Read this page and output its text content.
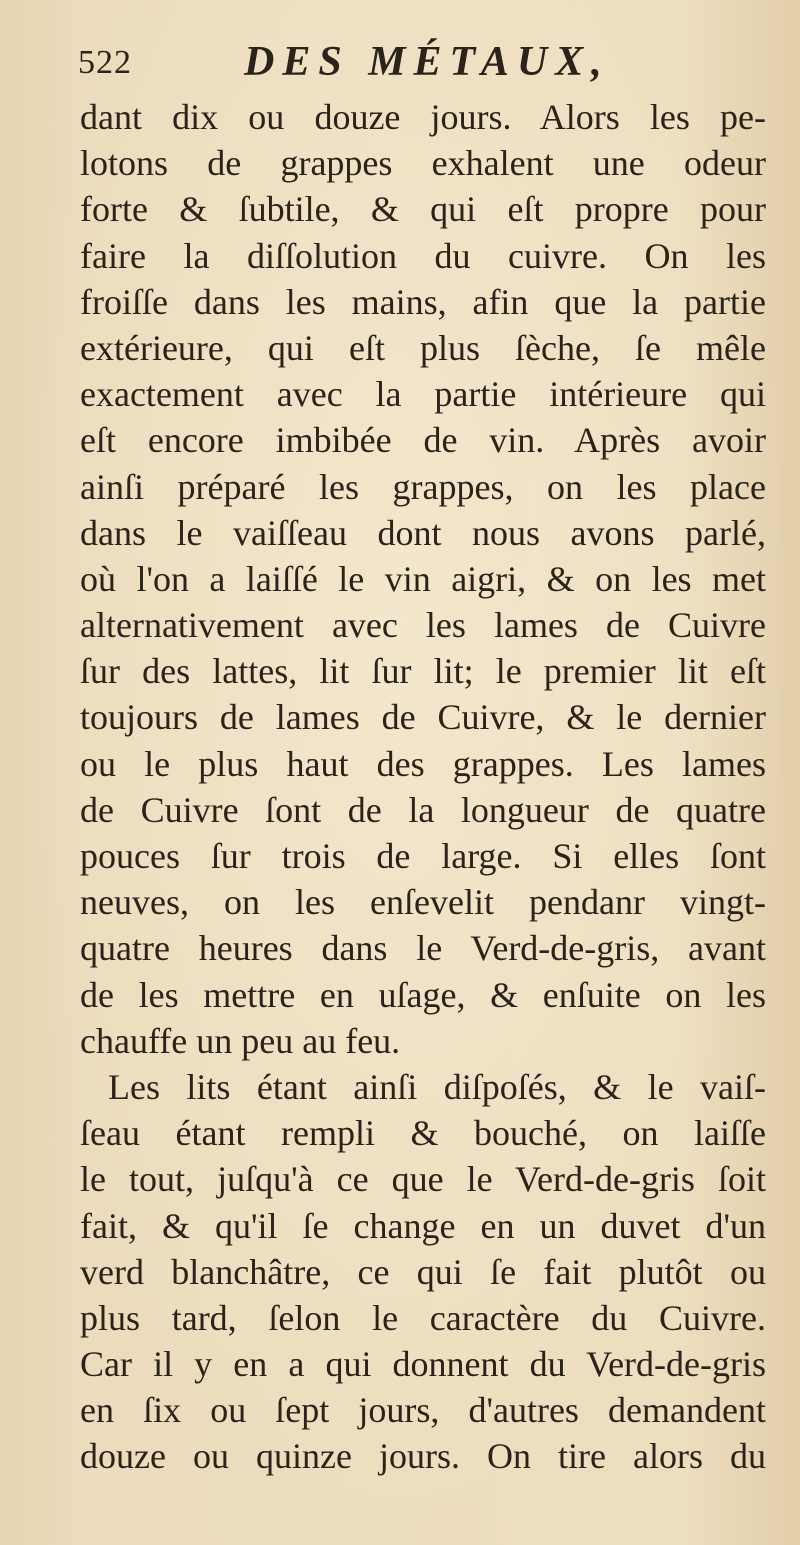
522	DES MÉTAUX,
dant dix ou douze jours. Alors les pe-
lotons de grappes exhalent une odeur
forte & ſubtile, & qui eſt propre pour
faire la diſſolution du cuivre. On les
froiſſe dans les mains, afin que la partie
extérieure, qui eſt plus ſèche, ſe mêle
exactement avec la partie intérieure qui
eſt encore imbibée de vin. Après avoir
ainſi préparé les grappes, on les place
dans le vaiſſeau dont nous avons parlé,
où l'on a laiſſé le vin aigri, & on les met
alternativement avec les lames de Cuivre
ſur des lattes, lit ſur lit; le premier lit eſt
toujours de lames de Cuivre, & le dernier
ou le plus haut des grappes. Les lames
de Cuivre ſont de la longueur de quatre
pouces ſur trois de large. Si elles ſont
neuves, on les enſevelit pendanr vingt-
quatre heures dans le Verd-de-gris, avant
de les mettre en uſage, & enſuite on les
chauffe un peu au feu.
Les lits étant ainſi diſpoſés, & le vaiſ-
ſeau étant rempli & bouché, on laiſſe
le tout, juſqu'à ce que le Verd-de-gris ſoit
fait, & qu'il ſe change en un duvet d'un
verd blanchâtre, ce qui ſe fait plutôt ou
plus tard, ſelon le caractère du Cuivre.
Car il y en a qui donnent du Verd-de-gris
en ſix ou ſept jours, d'autres demandent
douze ou quinze jours. On tire alors du
